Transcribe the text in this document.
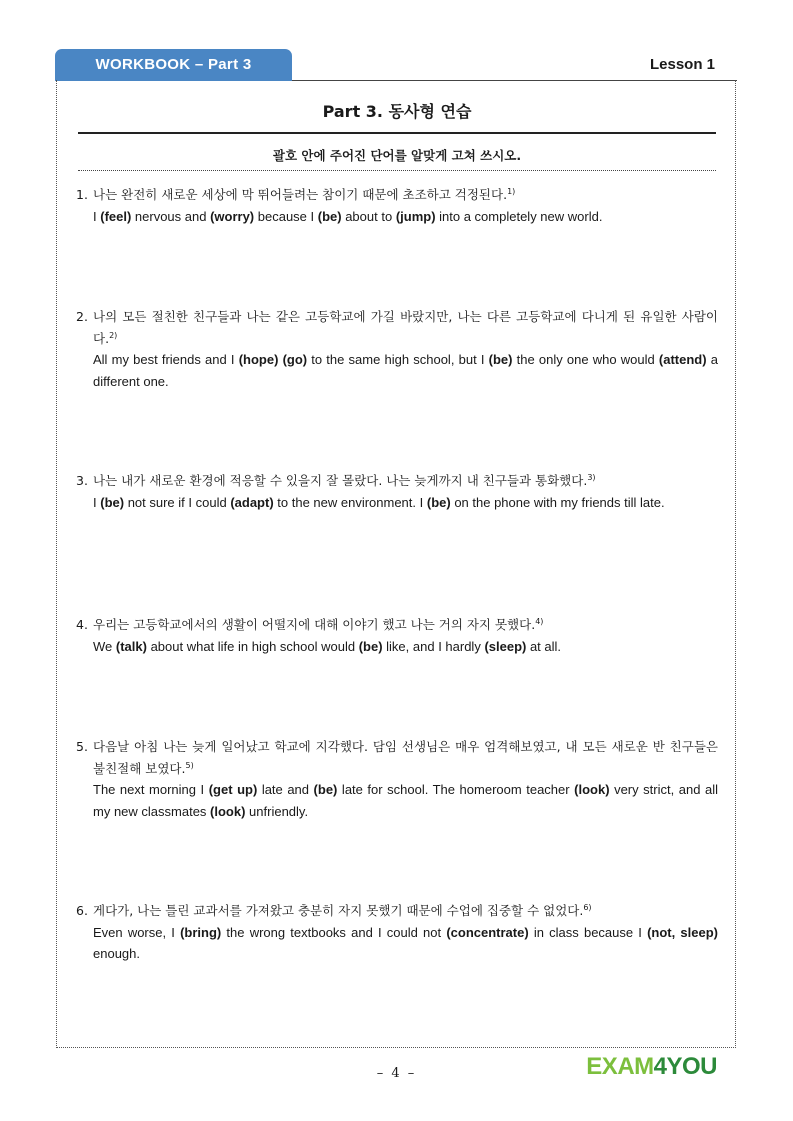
WORKBOOK – Part 3	Lesson 1
Part 3. 동사형 연습
괄호 안에 주어진 단어를 알맞게 고쳐 쓰시오.
1. 나는 완전히 새로운 세상에 막 뛰어들려는 참이기 때문에 초조하고 걱정된다.$^{1)}$
I (feel) nervous and (worry) because I (be) about to (jump) into a completely new world.
2. 나의 모든 절친한 친구들과 나는 같은 고등학교에 가길 바랐지만, 나는 다른 고등학교에 다니게 된 유일한 사람이다.$^{2)}$
All my best friends and I (hope) (go) to the same high school, but I (be) the only one who would (attend) a different one.
3. 나는 내가 새로운 환경에 적응할 수 있을지 잘 몰랐다. 나는 늦게까지 내 친구들과 통화했다.$^{3)}$
I (be) not sure if I could (adapt) to the new environment. I (be) on the phone with my friends till late.
4. 우리는 고등학교에서의 생활이 어떨지에 대해 이야기 했고 나는 거의 자지 못했다.$^{4)}$
We (talk) about what life in high school would (be) like, and I hardly (sleep) at all.
5. 다음날 아침 나는 늦게 일어났고 학교에 지각했다. 담임 선생님은 매우 엄격해보였고, 내 모든 새로운 반 친구들은 불친절해 보였다.$^{5)}$
The next morning I (get up) late and (be) late for school. The homeroom teacher (look) very strict, and all my new classmates (look) unfriendly.
6. 게다가, 나는 틀린 교과서를 가져왔고 충분히 자지 못했기 때문에 수업에 집중할 수 없었다.$^{6)}$
Even worse, I (bring) the wrong textbooks and I could not (concentrate) in class because I (not, sleep) enough.
– 4 –	EXAM4YOU
